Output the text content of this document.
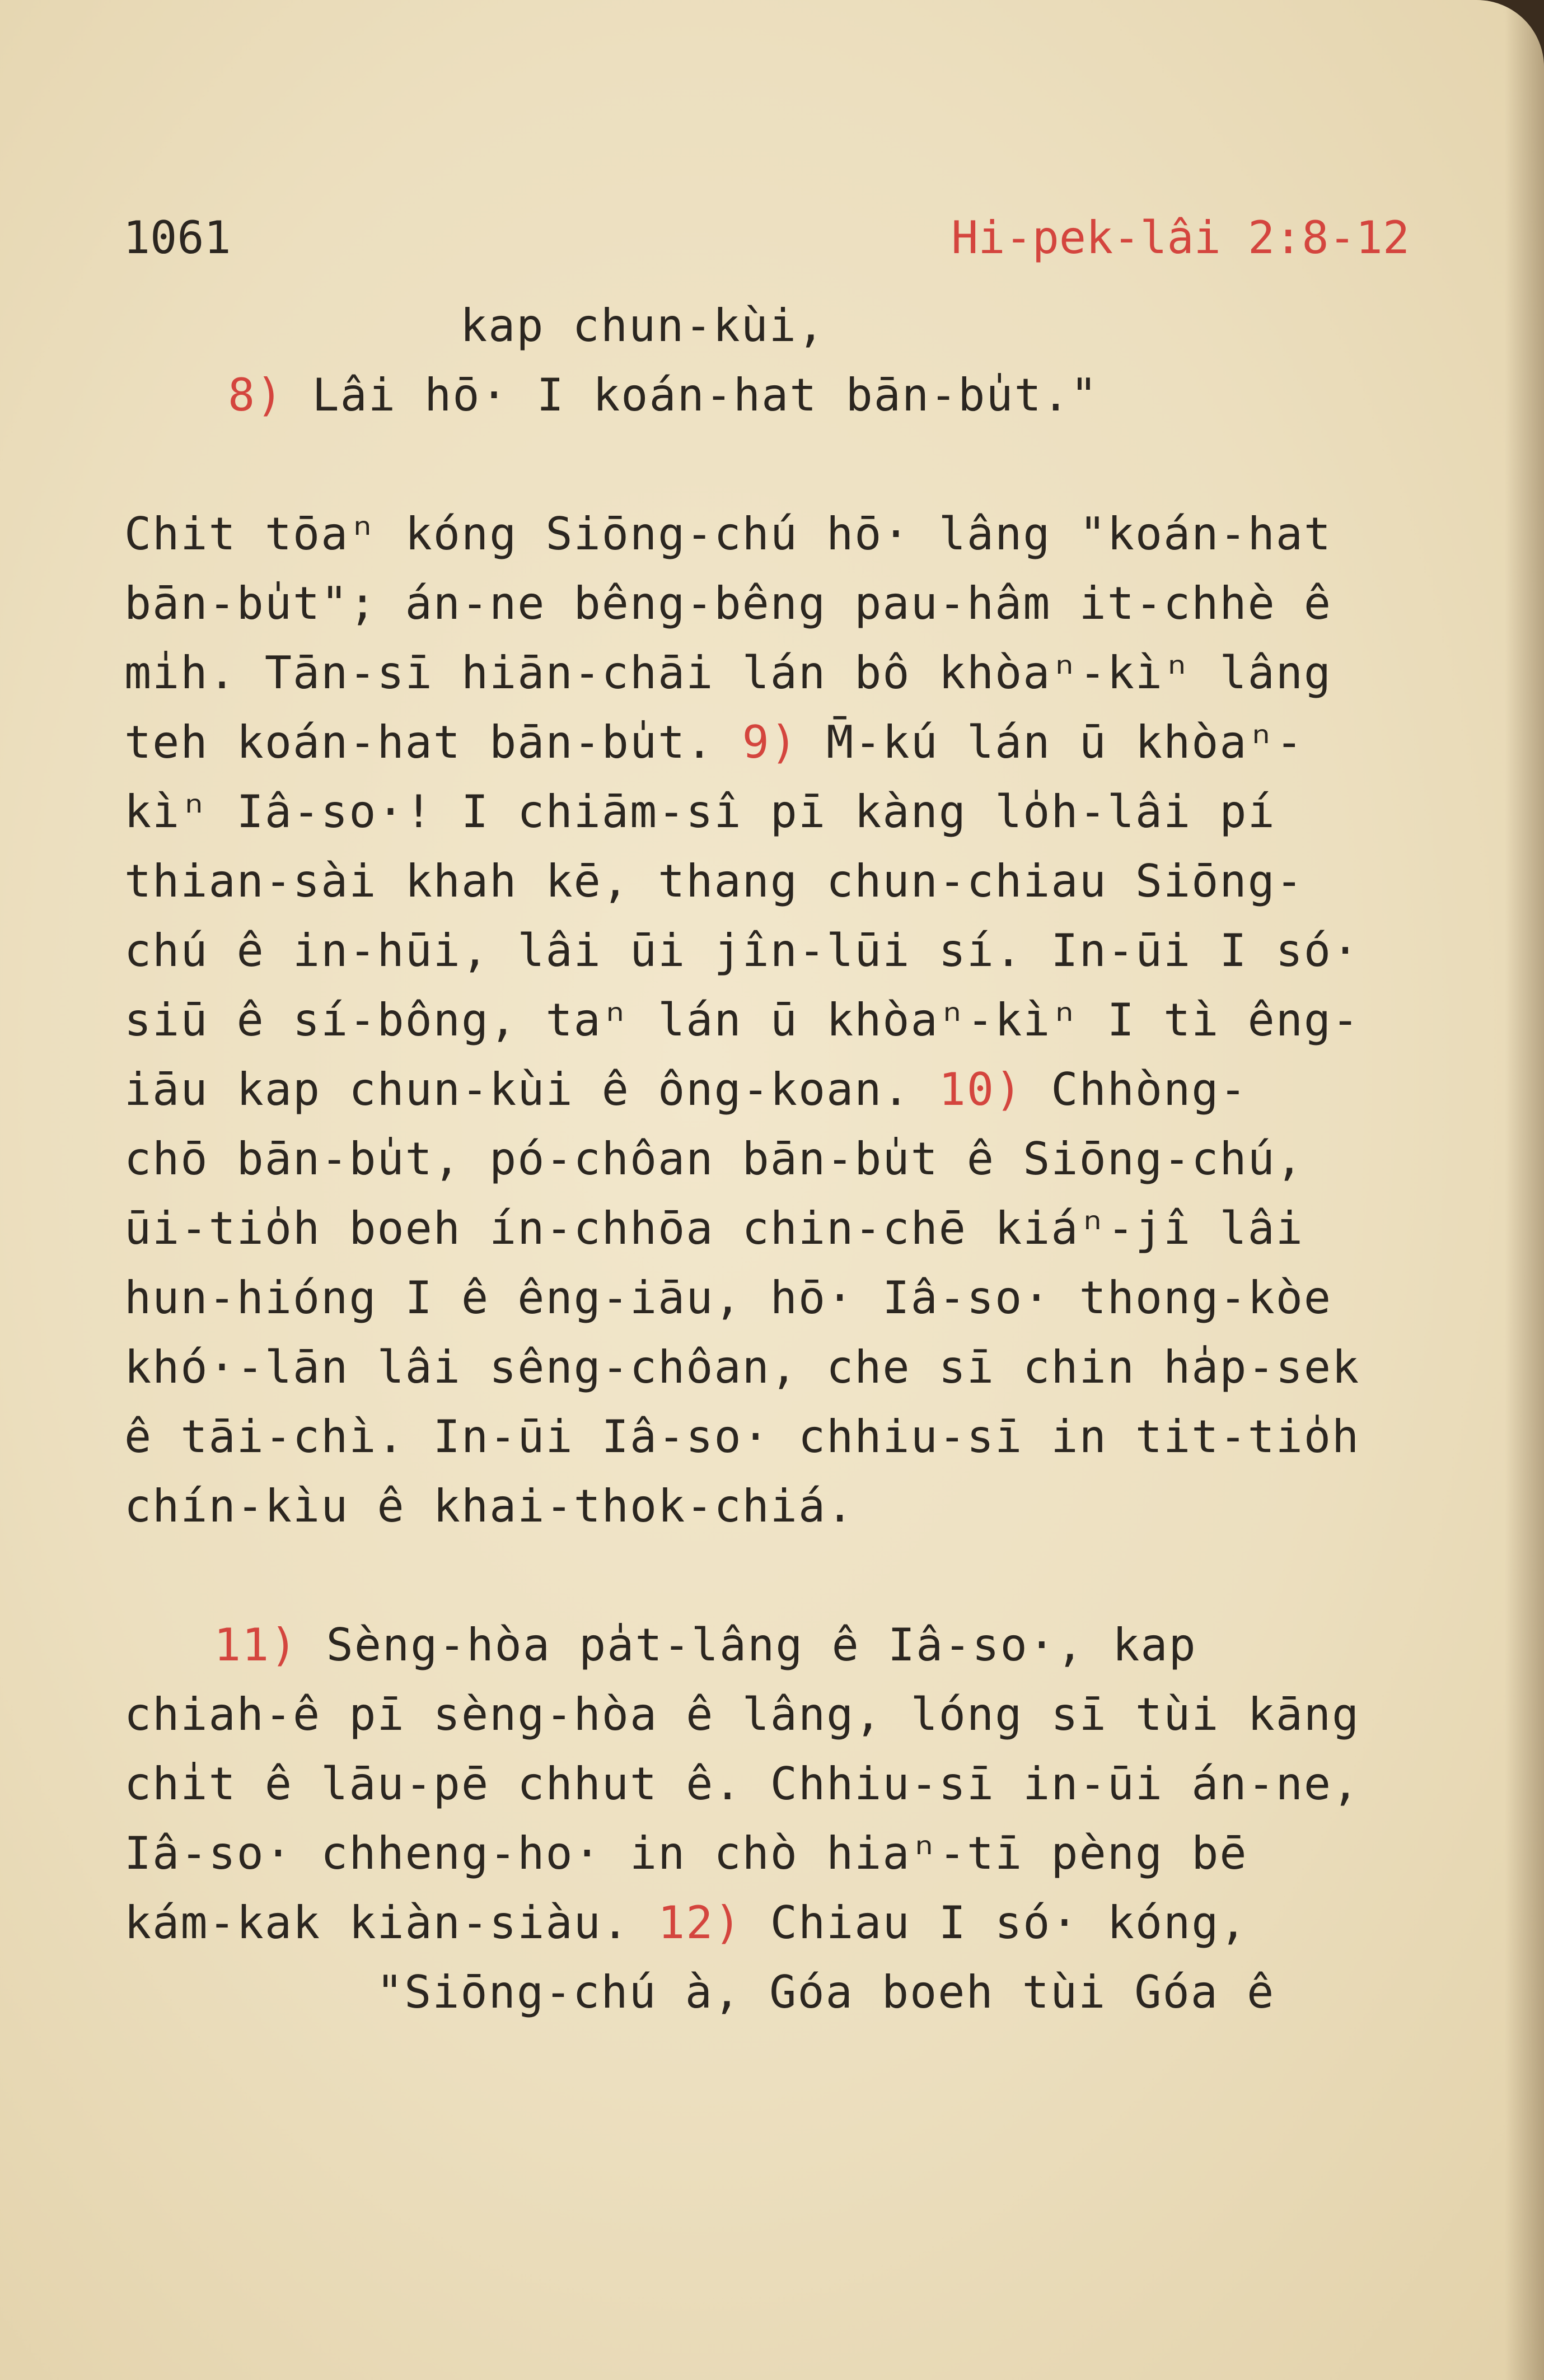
1061	Hi-pek-lâi 2:8-12
kap chun-kùi,
8) Lâi hō· I koán-hat bān-bu̍t."
Chit tōaⁿ kóng Siōng-chú hō· lâng "koán-hat
bān-bu̍t"; án-ne bêng-bêng pau-hâm it-chhè ê
mi̍h. Tān-sī hiān-chāi lán bô khòaⁿ-kìⁿ lâng
teh koán-hat bān-bu̍t. 9) M̄-kú lán ū khòaⁿ-
kìⁿ Iâ-so·! I chiām-sî pī kàng lo̍h-lâi pí
thian-sài khah kē, thang chun-chiau Siōng-
chú ê in-hūi, lâi ūi jîn-lūi sí. In-ūi I só·
siū ê sí-bông, taⁿ lán ū khòaⁿ-kìⁿ I tì êng-
iāu kap chun-kùi ê ông-koan. 10) Chhòng-
chō bān-bu̍t, pó-chôan bān-bu̍t ê Siōng-chú,
ūi-tio̍h boeh ín-chhōa chin-chē kiáⁿ-jî lâi
hun-hióng I ê êng-iāu, hō· Iâ-so· thong-kòe
khó·-lān lâi sêng-chôan, che sī chin ha̍p-sek
ê tāi-chì. In-ūi Iâ-so· chhiu-sī in tit-tio̍h
chín-kìu ê khai-thok-chiá.
11) Sèng-hòa pa̍t-lâng ê Iâ-so·, kap
chiah-ê pī sèng-hòa ê lâng, lóng sī tùi kāng
chi̍t ê lāu-pē chhut ê. Chhiu-sī in-ūi án-ne,
Iâ-so· chheng-ho· in chò hiaⁿ-tī pèng bē
kám-kak kiàn-siàu. 12) Chiau I só· kóng,
"Siōng-chú à, Góa boeh tùi Góa ê
